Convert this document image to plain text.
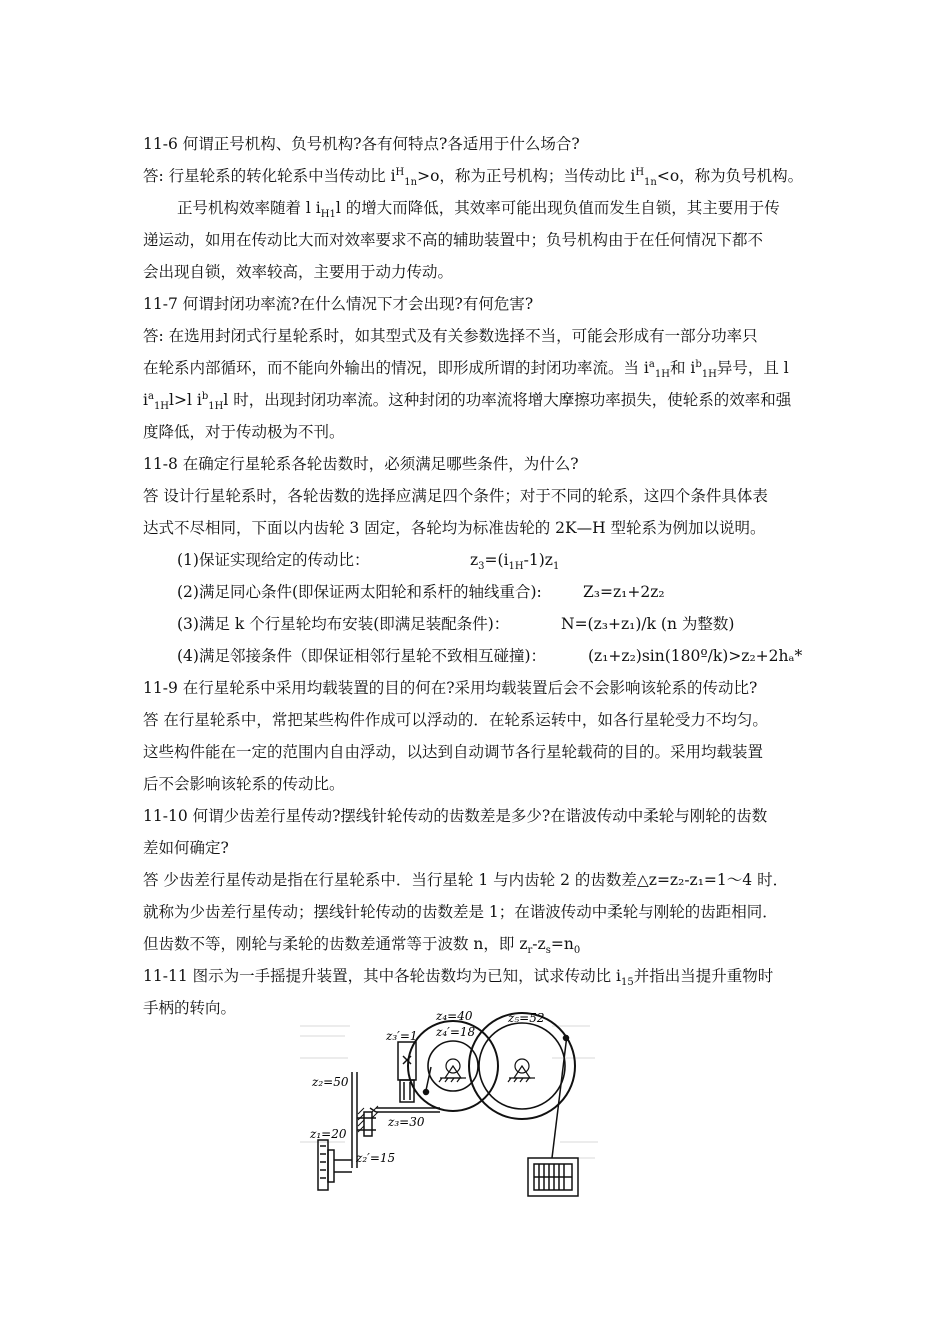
11-6 何谓正号机构、负号机构?各有何特点?各适用于什么场合?
答: 行星轮系的转化轮系中当传动比 $i^H_{1n}>o$，称为正号机构；当传动比 $i^H_{1n}<o$，称为负号机构。
正号机构效率随着 l $i_{H1}l$ 的增大而降低，其效率可能出现负值而发生自锁，其主要用于传
递运动，如用在传动比大而对效率要求不高的辅助装置中；负号机构由于在任何情况下都不
会出现自锁，效率较高，主要用于动力传动。
11-7 何谓封闭功率流?在什么情况下才会出现?有何危害?
答: 在选用封闭式行星轮系时，如其型式及有关参数选择不当，可能会形成有一部分功率只
在轮系内部循环，而不能向外输出的情况，即形成所谓的封闭功率流。当 $i^a_{1H}$和 $i^b_{1H}$异号，且 l
$i^a_{1H}l>l$ $i^b_{1H}l$ 时，出现封闭功率流。这种封闭的功率流将增大摩擦功率损失，使轮系的效率和强
度降低，对于传动极为不刊。
11-8 在确定行星轮系各轮齿数时，必须满足哪些条件，为什么?
答 设计行星轮系时，各轮齿数的选择应满足四个条件；对于不同的轮系，这四个条件具体表
达式不尽相同，下面以内齿轮 3 固定，各轮均为标准齿轮的 2K—H 型轮系为例加以说明。
(1)保证实现给定的传动比：	$z_3=(i_{1H}-1)z_1$
(2)满足同心条件(即保证两太阳轮和系杆的轴线重合):	Z₃=z₁+2z₂
(3)满足 k 个行星轮均布安装(即满足装配条件)：	N=(z₃+z₁)/k (n 为整数)
(4)满足邻接条件（即保证相邻行星轮不致相互碰撞)：	(z₁+z₂)sin(180º/k)>z₂+2hₐ*
11-9 在行星轮系中采用均载装置的目的何在?采用均载装置后会不会影响该轮系的传动比?
答 在行星轮系中，常把某些构件作成可以浮动的．在轮系运转中，如各行星轮受力不均匀。
这些构件能在一定的范围内自由浮动，以达到自动调节各行星轮载荷的目的。采用均载装置
后不会影响该轮系的传动比。
11-10 何谓少齿差行星传动?摆线针轮传动的齿数差是多少?在谐波传动中柔轮与刚轮的齿数
差如何确定?
答 少齿差行星传动是指在行星轮系中．当行星轮 1 与内齿轮 2 的齿数差△z=z₂-z₁=1～4 时．
就称为少齿差行星传动；摆线针轮传动的齿数差是 1；在谐波传动中柔轮与刚轮的齿距相同．
但齿数不等，刚轮与柔轮的齿数差通常等于波数 n，即 $z_r-z_s=n_0$
11-11 图示为一手摇提升装置，其中各轮齿数均为已知，试求传动比 $i_{15}$并指出当提升重物时
手柄的转向。	z₄=40
z₄′=18
z₅=52
z₃′=1
z₂=50
z₃=30
z₁=20
z₂′=15
